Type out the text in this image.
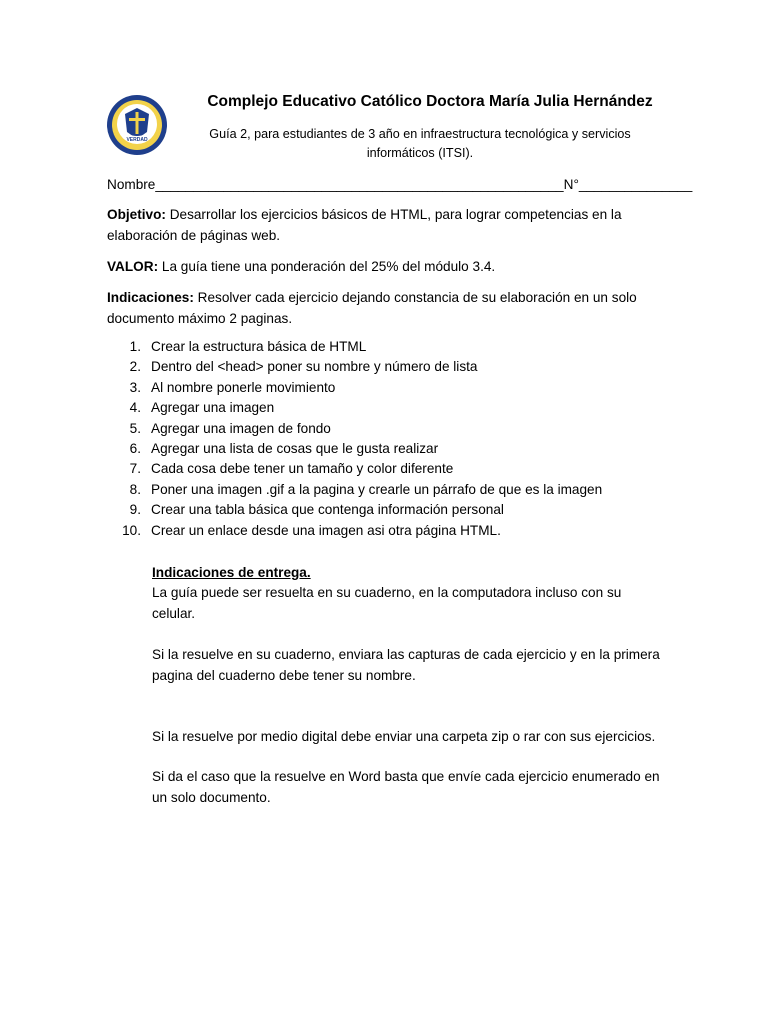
VERDAD
Complejo Educativo Católico Doctora María Julia Hernández
Guía 2, para estudiantes de 3 año en infraestructura tecnológica y servicios informáticos (ITSI).
Nombre______________________________________________________N°_______________
Objetivo: Desarrollar los ejercicios básicos de HTML, para lograr competencias en la elaboración de páginas web.
VALOR: La guía tiene una ponderación del 25% del módulo 3.4.
Indicaciones: Resolver cada ejercicio dejando constancia de su elaboración en un solo documento máximo 2 paginas.
1. Crear la estructura básica de HTML
2. Dentro del <head> poner su nombre y número de lista
3. Al nombre ponerle movimiento
4. Agregar una imagen
5. Agregar una imagen de fondo
6. Agregar una lista de cosas que le gusta realizar
7. Cada cosa debe tener un tamaño y color diferente
8. Poner una imagen .gif a la pagina y crearle un párrafo de que es la imagen
9. Crear una tabla básica que contenga información personal
10. Crear un enlace desde una imagen asi otra página HTML.
Indicaciones de entrega.
La guía puede ser resuelta en su cuaderno, en la computadora incluso con su celular.
Si la resuelve en su cuaderno, enviara las capturas de cada ejercicio y en la primera pagina del cuaderno debe tener su nombre.
Si la resuelve por medio digital debe enviar una carpeta zip o rar con sus ejercicios.
Si da el caso que la resuelve en Word basta que envíe cada ejercicio enumerado en un solo documento.
